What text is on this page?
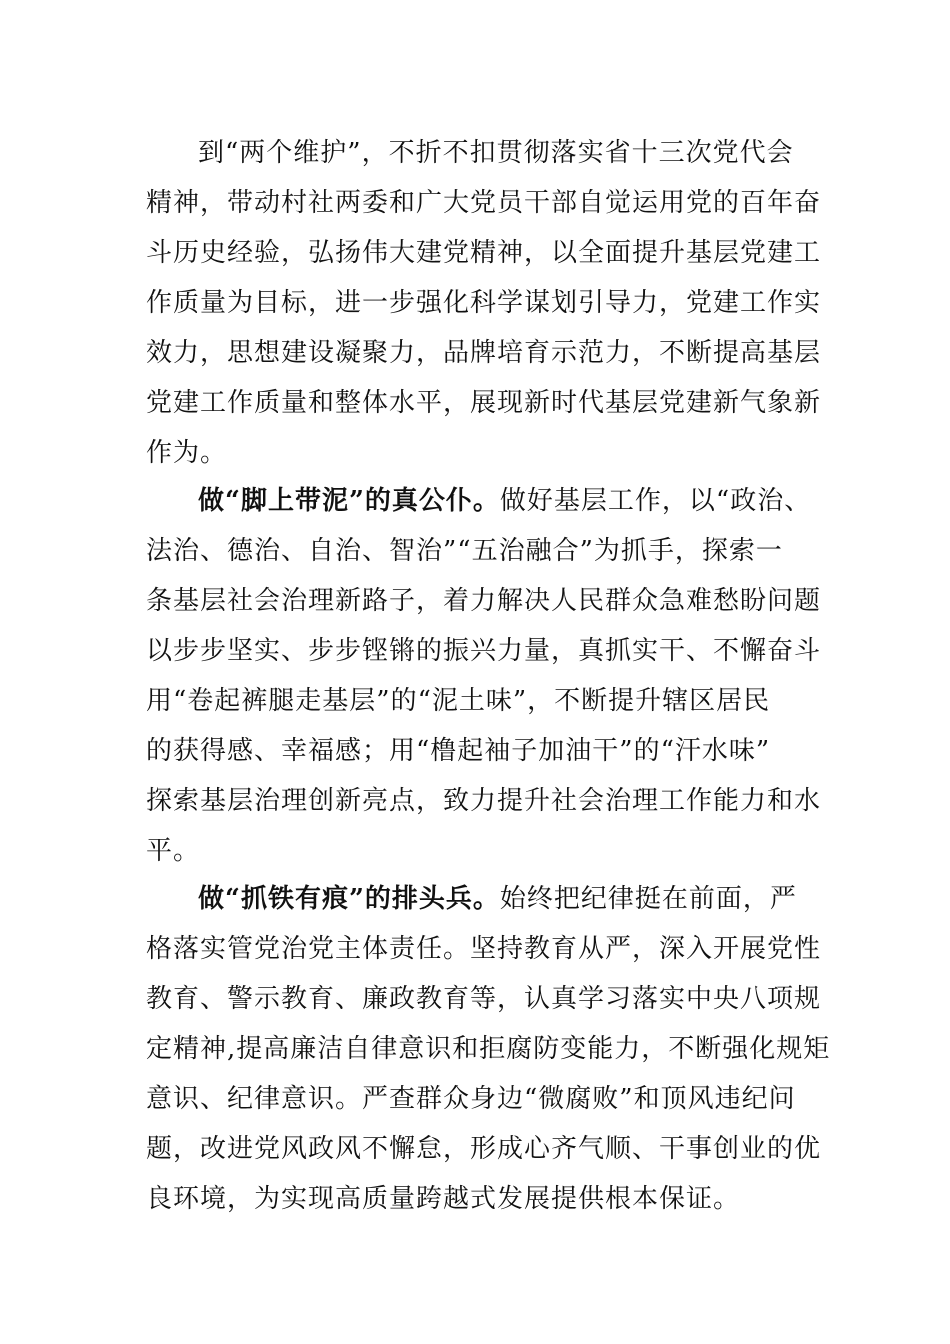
到“两个维护”，不折不扣贯彻落实省十三次党代会
精神，带动村社两委和广大党员干部自觉运用党的百年奋
斗历史经验，弘扬伟大建党精神，以全面提升基层党建工
作质量为目标，进一步强化科学谋划引导力，党建工作实
效力，思想建设凝聚力，品牌培育示范力，不断提高基层
党建工作质量和整体水平，展现新时代基层党建新气象新
作为。
做“脚上带泥”的真公仆。做好基层工作，以“政治、
法治、德治、自治、智治”“五治融合”为抓手，探索一
条基层社会治理新路子，着力解决人民群众急难愁盼问题
以步步坚实、步步铿锵的振兴力量，真抓实干、不懈奋斗
用“卷起裤腿走基层”的“泥土味”，不断提升辖区居民
的获得感、幸福感；用“橹起袖子加油干”的“汗水味”
探索基层治理创新亮点，致力提升社会治理工作能力和水
平。
做“抓铁有痕”的排头兵。始终把纪律挺在前面，严
格落实管党治党主体责任。坚持教育从严，深入开展党性
教育、警示教育、廉政教育等，认真学习落实中央八项规
定精神,提高廉洁自律意识和拒腐防变能力，不断强化规矩
意识、纪律意识。严查群众身边“微腐败”和顶风违纪问
题，改进党风政风不懈怠，形成心齐气顺、干事创业的优
良环境，为实现高质量跨越式发展提供根本保证。
